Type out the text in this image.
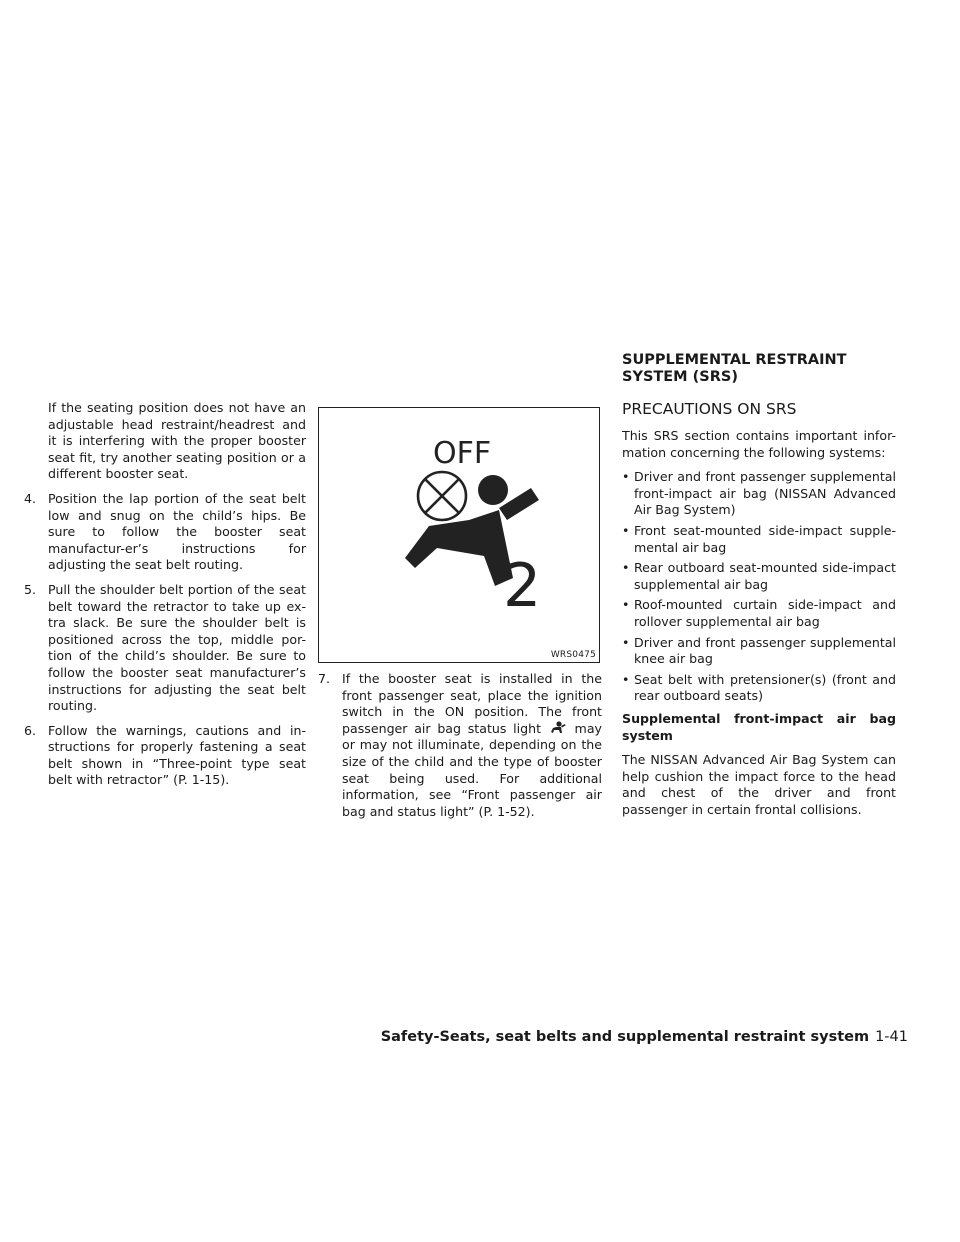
SUPPLEMENTAL RESTRAINT SYSTEM (SRS)

If the seating position does not have an adjustable head restraint/headrest and it is interfering with the proper booster seat fit, try another seating position or a different booster seat.

4. Position the lap portion of the seat belt low and snug on the child’s hips. Be sure to follow the booster seat manufactur-er’s instructions for adjusting the seat belt routing.
5. Pull the shoulder belt portion of the seat belt toward the retractor to take up ex-tra slack. Be sure the shoulder belt is positioned across the top, middle por-tion of the child’s shoulder. Be sure to follow the booster seat manufacturer’s instructions for adjusting the seat belt routing.
6. Follow the warnings, cautions and in-structions for properly fastening a seat belt shown in “Three-point type seat belt with retractor” (P. 1-15).
OFF
2
WRS0475
7. If the booster seat is installed in the front passenger seat, place the ignition switch in the ON position. The front passenger air bag status light	may or may not illuminate, depending on the size of the child and the type of booster seat being used. For additional information, see “Front passenger air bag and status light” (P. 1-52).
PRECAUTIONS ON SRS

This SRS section contains important infor-mation concerning the following systems:

• Driver and front passenger supplemental front-impact air bag (NISSAN Advanced Air Bag System)
• Front seat-mounted side-impact supple-mental air bag
• Rear outboard seat-mounted side-impact supplemental air bag
• Roof-mounted curtain side-impact and rollover supplemental air bag
• Driver and front passenger supplemental knee air bag
• Seat belt with pretensioner(s) (front and rear outboard seats)

Supplemental front-impact air bag system

The NISSAN Advanced Air Bag System can help cushion the impact force to the head and chest of the driver and front passenger in certain frontal collisions.

Safety-Seats, seat belts and supplemental restraint system 1-41
